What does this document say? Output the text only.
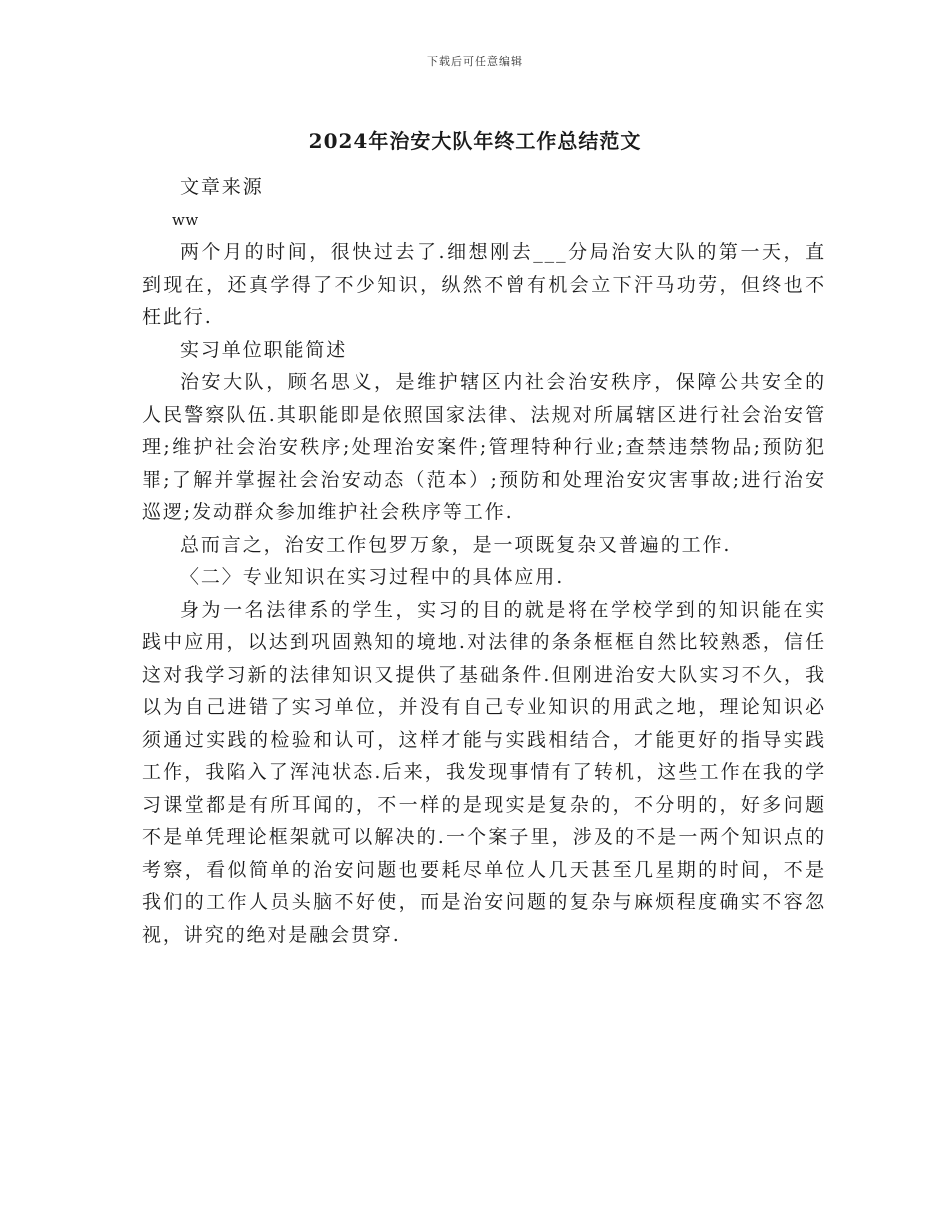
下载后可任意编辑
2024年治安大队年终工作总结范文

文章来源

ww

两个月的时间，很快过去了.细想刚去___分局治安大队的第一天，直到现在，还真学得了不少知识，纵然不曾有机会立下汗马功劳，但终也不枉此行.

实习单位职能简述

治安大队，顾名思义，是维护辖区内社会治安秩序，保障公共安全的人民警察队伍.其职能即是依照国家法律、法规对所属辖区进行社会治安管理;维护社会治安秩序;处理治安案件;管理特种行业;查禁违禁物品;预防犯罪;了解并掌握社会治安动态（范本）;预防和处理治安灾害事故;进行治安巡逻;发动群众参加维护社会秩序等工作.

总而言之，治安工作包罗万象，是一项既复杂又普遍的工作.

〈二〉专业知识在实习过程中的具体应用.

身为一名法律系的学生，实习的目的就是将在学校学到的知识能在实践中应用，以达到巩固熟知的境地.对法律的条条框框自然比较熟悉，信任这对我学习新的法律知识又提供了基础条件.但刚进治安大队实习不久，我以为自己进错了实习单位，并没有自己专业知识的用武之地，理论知识必须通过实践的检验和认可，这样才能与实践相结合，才能更好的指导实践工作，我陷入了浑沌状态.后来，我发现事情有了转机，这些工作在我的学习课堂都是有所耳闻的，不一样的是现实是复杂的，不分明的，好多问题不是单凭理论框架就可以解决的.一个案子里，涉及的不是一两个知识点的考察，看似简单的治安问题也要耗尽单位人几天甚至几星期的时间，不是我们的工作人员头脑不好使，而是治安问题的复杂与麻烦程度确实不容忽视，讲究的绝对是融会贯穿.
